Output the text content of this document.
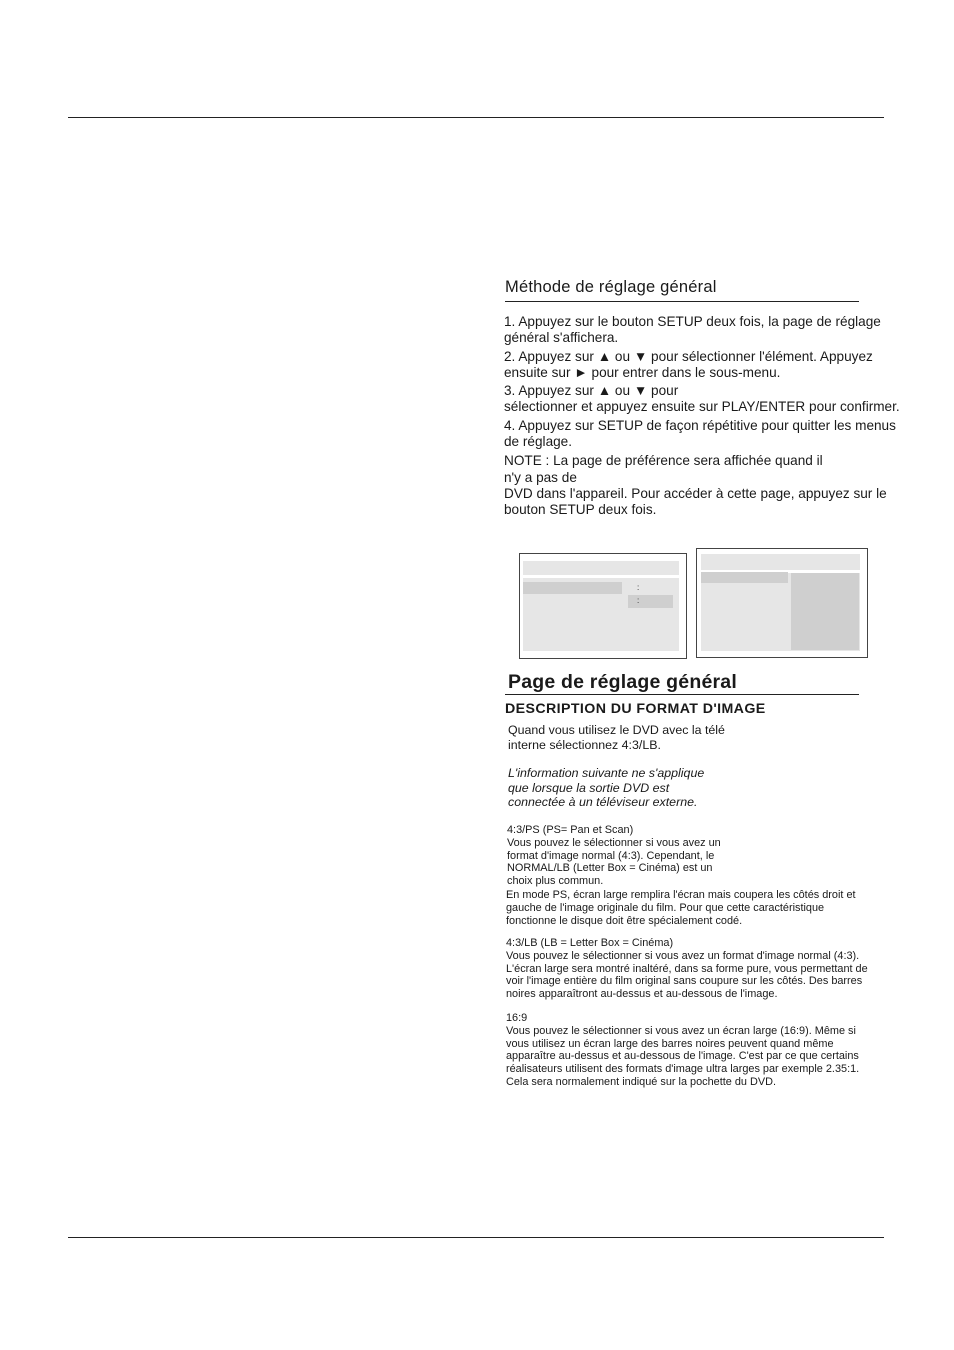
Méthode de réglage général

1. Appuyez sur le bouton SETUP deux fois, la page de réglage général s'affichera.

2. Appuyez sur ▲ ou ▼ pour sélectionner l'élément. Appuyez ensuite sur ► pour entrer dans le sous-menu.

3. Appuyez sur ▲ ou ▼ pour
sélectionner et appuyez ensuite sur PLAY/ENTER pour confirmer.

4. Appuyez sur SETUP de façon répétitive pour quitter les menus de réglage.

NOTE : La page de préférence sera affichée quand il
n'y a pas de
DVD dans l'appareil. Pour accéder à cette page, appuyez sur le bouton SETUP deux fois.

:
:
Page de réglage général
DESCRIPTION DU FORMAT D'IMAGE

Quand vous utilisez le DVD avec la télé
interne sélectionnez 4:3/LB.

L'information suivante ne s'applique
que lorsque la sortie DVD est
connectée à un téléviseur externe.

4:3/PS (PS= Pan et Scan)
Vous pouvez le sélectionner si vous avez un
format d'image normal (4:3). Cependant, le
NORMAL/LB (Letter Box = Cinéma) est un
choix plus commun.
En mode PS, écran large remplira l'écran mais coupera les côtés droit et
gauche de l'image originale du film. Pour que cette caractéristique
fonctionne le disque doit être spécialement codé.
4:3/LB (LB = Letter Box = Cinéma)
Vous pouvez le sélectionner si vous avez un format d'image normal (4:3).
L'écran large sera montré inaltéré, dans sa forme pure, vous permettant de
voir l'image entière du film original sans coupure sur les côtés. Des barres
noires apparaîtront au-dessus et au-dessous de l'image.
16:9
Vous pouvez le sélectionner si vous avez un écran large (16:9). Même si
vous utilisez un écran large des barres noires peuvent quand même
apparaître au-dessus et au-dessous de l'image. C'est par ce que certains
réalisateurs utilisent des formats d'image ultra larges par exemple 2.35:1.
Cela sera normalement indiqué sur la pochette du DVD.
